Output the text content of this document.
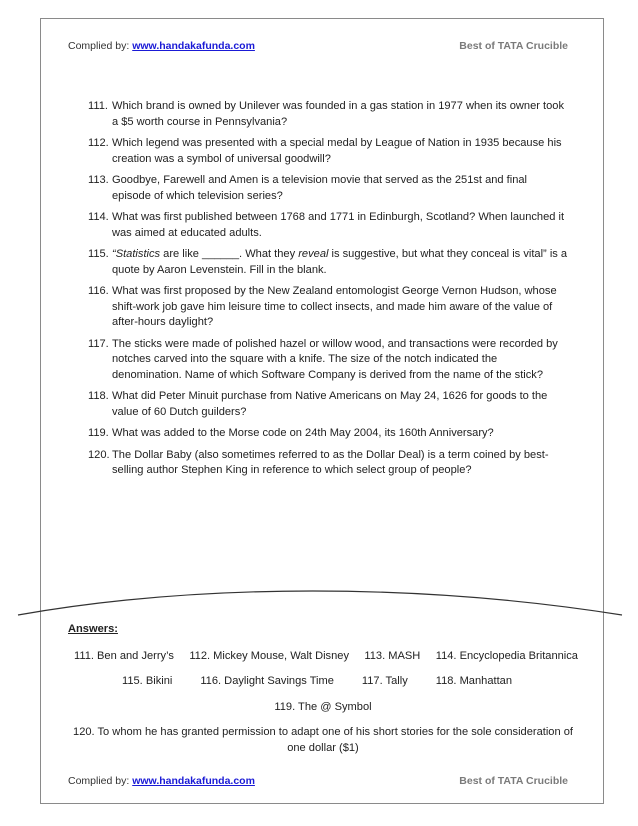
Complied by: www.handakafunda.com	Best of TATA Crucible
111. Which brand is owned by Unilever was founded in a gas station in 1977 when its owner took a $5 worth course in Pennsylvania?
112. Which legend was presented with a special medal by League of Nation in 1935 because his creation was a symbol of universal goodwill?
113. Goodbye, Farewell and Amen is a television movie that served as the 251st and final episode of which television series?
114. What was first published between 1768 and 1771 in Edinburgh, Scotland? When launched it was aimed at educated adults.
115. “Statistics are like ______. What they reveal is suggestive, but what they conceal is vital” is a quote by Aaron Levenstein. Fill in the blank.
116. What was first proposed by the New Zealand entomologist George Vernon Hudson, whose shift-work job gave him leisure time to collect insects, and made him aware of the value of after-hours daylight?
117. The sticks were made of polished hazel or willow wood, and transactions were recorded by notches carved into the square with a knife. The size of the notch indicated the denomination. Name of which Software Company is derived from the name of the stick?
118. What did Peter Minuit purchase from Native Americans on May 24, 1626 for goods to the value of 60 Dutch guilders?
119. What was added to the Morse code on 24th May 2004, its 160th Anniversary?
120. The Dollar Baby (also sometimes referred to as the Dollar Deal) is a term coined by best-selling author Stephen King in reference to which select group of people?
Answers:
111. Ben and Jerry’s 112. Mickey Mouse, Walt Disney 113. MASH 114. Encyclopedia Britannica
115. Bikini	116. Daylight Savings Time	117. Tally	118. Manhattan
119. The @ Symbol
120. To whom he has granted permission to adapt one of his short stories for the sole consideration of one dollar ($1)
Complied by: www.handakafunda.com	Best of TATA Crucible
